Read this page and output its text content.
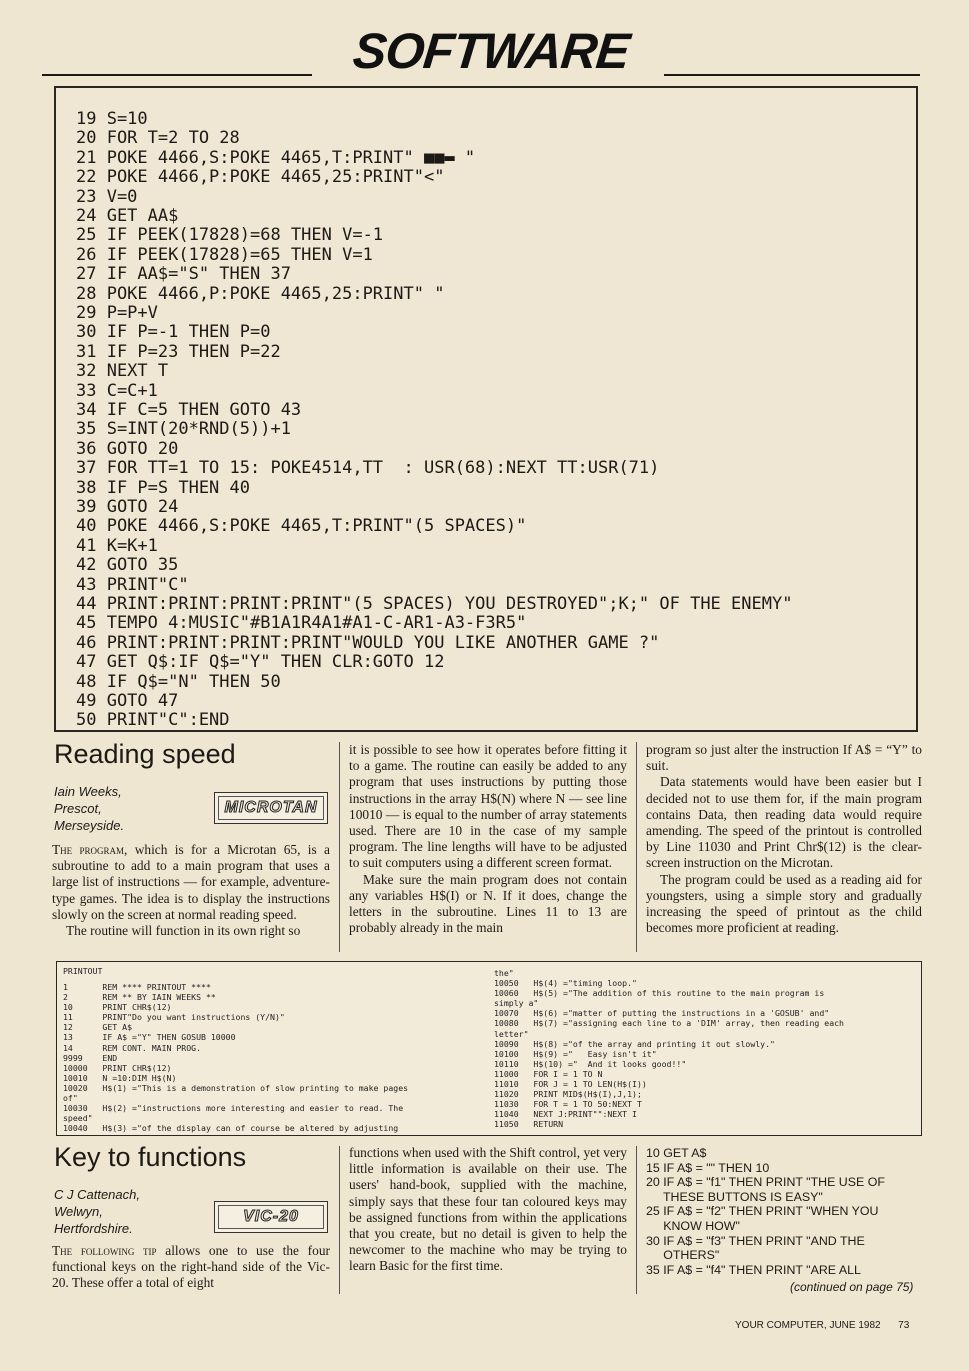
SOFTWARE
19 S=10
20 FOR T=2 TO 28
21 POKE 4466,S:POKE 4465,T:PRINT" ■■▬ "
22 POKE 4466,P:POKE 4465,25:PRINT"<"
23 V=0
24 GET AA$
25 IF PEEK(17828)=68 THEN V=-1
26 IF PEEK(17828)=65 THEN V=1
27 IF AA$="S" THEN 37
28 POKE 4466,P:POKE 4465,25:PRINT" "
29 P=P+V
30 IF P=-1 THEN P=0
31 IF P=23 THEN P=22
32 NEXT T
33 C=C+1
34 IF C=5 THEN GOTO 43
35 S=INT(20*RND(5))+1
36 GOTO 20
37 FOR TT=1 TO 15: POKE4514,TT  : USR(68):NEXT TT:USR(71)
38 IF P=S THEN 40
39 GOTO 24
40 POKE 4466,S:POKE 4465,T:PRINT"(5 SPACES)"
41 K=K+1
42 GOTO 35
43 PRINT"C"
44 PRINT:PRINT:PRINT:PRINT"(5 SPACES) YOU DESTROYED";K;" OF THE ENEMY"
45 TEMPO 4:MUSIC"#B1A1R4A1#A1-C-AR1-A3-F3R5"
46 PRINT:PRINT:PRINT:PRINT"WOULD YOU LIKE ANOTHER GAME ?"
47 GET Q$:IF Q$="Y" THEN CLR:GOTO 12
48 IF Q$="N" THEN 50
49 GOTO 47
50 PRINT"C":END
Reading speed
Iain Weeks,
Prescot,
Merseyside.
MICROTAN

The program, which is for a Microtan 65, is a subroutine to add to a main program that uses a large list of instructions — for example, adventure-type games. The idea is to display the instructions slowly on the screen at normal reading speed.

The routine will function in its own right so

it is possible to see how it operates before fitting it to a game. The routine can easily be added to any program that uses instructions by putting those instructions in the array H$(N) where N — see line 10010 — is equal to the number of array statements used. There are 10 in the case of my sample program. The line lengths will have to be adjusted to suit computers using a different screen format.

Make sure the main program does not contain any variables H$(I) or N. If it does, change the letters in the subroutine. Lines 11 to 13 are probably already in the main

program so just alter the instruction If A$ = “Y” to suit.

Data statements would have been easier but I decided not to use them for, if the main program contains Data, then reading data would require amending. The speed of the printout is controlled by Line 11030 and Print Chr$(12) is the clear-screen instruction on the Microtan.

The program could be used as a reading aid for youngsters, using a simple story and gradually increasing the speed of printout as the child becomes more proficient at reading.

PRINTOUT
1       REM **** PRINTOUT ****
2       REM ** BY IAIN WEEKS **
10      PRINT CHR$(12)
11      PRINT"Do you want instructions (Y/N)"
12      GET A$
13      IF A$ ="Y" THEN GOSUB 10000
14      REM CONT. MAIN PROG.
9999    END
10000   PRINT CHR$(12)
10010   N =10:DIM H$(N)
10020   H$(1) ="This is a demonstration of slow printing to make pages
of"
10030   H$(2) ="instructions more interesting and easier to read. The
speed"
10040   H$(3) ="of the display can of course be altered by adjusting
the"
10050   H$(4) ="timing loop."
10060   H$(5) ="The addition of this routine to the main program is
simply a"
10070   H$(6) ="matter of putting the instructions in a 'GOSUB' and"
10080   H$(7) ="assigning each line to a 'DIM' array, then reading each
letter"
10090   H$(8) ="of the array and printing it out slowly."
10100   H$(9) ="   Easy isn't it"
10110   H$(10) ="  And it looks good!!"
11000   FOR I = 1 TO N
11010   FOR J = 1 TO LEN(H$(I))
11020   PRINT MID$(H$(I),J,1);
11030   FOR T = 1 TO 50:NEXT T
11040   NEXT J:PRINT"":NEXT I
11050   RETURN
Key to functions
C J Cattenach,
Welwyn,
Hertfordshire.
VIC-20

The following tip allows one to use the four functional keys on the right-hand side of the Vic-20. These offer a total of eight

functions when used with the Shift control, yet very little information is available on their use. The users' hand-book, supplied with the machine, simply says that these four tan coloured keys may be assigned functions from within the applications that you create, but no detail is given to help the newcomer to the machine who may be trying to learn Basic for the first time.

10 GET A$
15 IF A$ = "" THEN 10
20 IF A$ = "f1" THEN PRINT "THE USE OF
THESE BUTTONS IS EASY"
25 IF A$ = "f2" THEN PRINT "WHEN YOU
KNOW HOW"
30 IF A$ = "f3" THEN PRINT "AND THE
OTHERS"
35 IF A$ = "f4" THEN PRINT "ARE ALL
(continued on page 75)
YOUR COMPUTER, JUNE 1982 73
